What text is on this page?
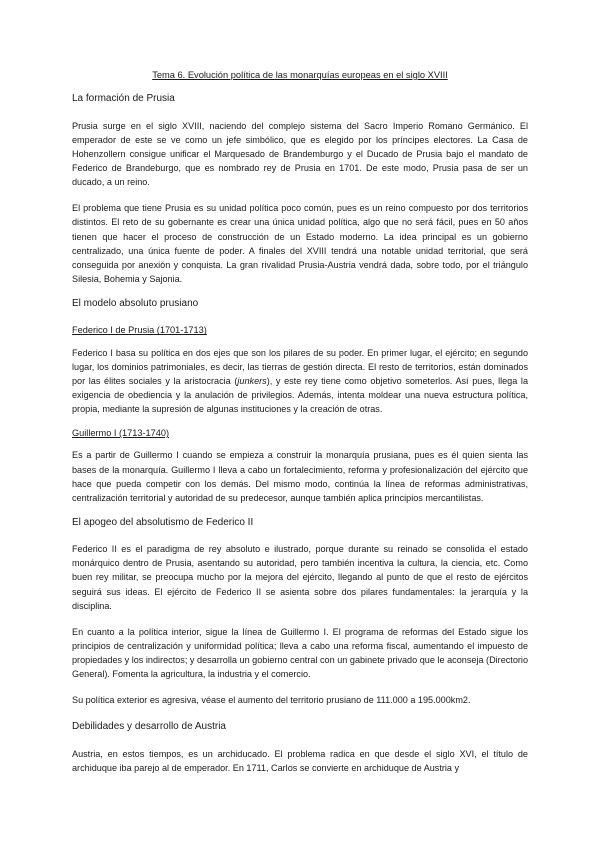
Tema 6. Evolución política de las monarquías europeas en el siglo XVIII
La formación de Prusia

Prusia surge en el siglo XVIII, naciendo del complejo sistema del Sacro Imperio Romano Germánico. El emperador de este se ve como un jefe simbólico, que es elegido por los príncipes electores. La Casa de Hohenzollern consigue unificar el Marquesado de Brandemburgo y el Ducado de Prusia bajo el mandato de Federico de Brandeburgo, que es nombrado rey de Prusia en 1701. De este modo, Prusia pasa de ser un ducado, a un reino.

El problema que tiene Prusia es su unidad política poco común, pues es un reino compuesto por dos territorios distintos. El reto de su gobernante es crear una única unidad política, algo que no será fácil, pues en 50 años tienen que hacer el proceso de construcción de un Estado moderno. La idea principal es un gobierno centralizado, una única fuente de poder. A finales del XVIII tendrá una notable unidad territorial, que será conseguida por anexión y conquista. La gran rivalidad Prusia-Austria vendrá dada, sobre todo, por el triángulo Silesia, Bohemia y Sajonia.

El modelo absoluto prusiano
Federico I de Prusia (1701-1713)

Federico I basa su política en dos ejes que son los pilares de su poder. En primer lugar, el ejército; en segundo lugar, los dominios patrimoniales, es decir, las tierras de gestión directa. El resto de territorios, están dominados por las élites sociales y la aristocracia (junkers), y este rey tiene como objetivo someterlos. Así pues, llega la exigencia de obediencia y la anulación de privilegios. Además, intenta moldear una nueva estructura política, propia, mediante la supresión de algunas instituciones y la creación de otras.

Guillermo I (1713-1740)

Es a partir de Guillermo I cuando se empieza a construir la monarquía prusiana, pues es él quien sienta las bases de la monarquía. Guillermo I lleva a cabo un fortalecimiento, reforma y profesionalización del ejército que hace que pueda competir con los demás. Del mismo modo, continúa la línea de reformas administrativas, centralización territorial y autoridad de su predecesor, aunque también aplica principios mercantilistas.

El apogeo del absolutismo de Federico II

Federico II es el paradigma de rey absoluto e ilustrado, porque durante su reinado se consolida el estado monárquico dentro de Prusia, asentando su autoridad, pero también incentiva la cultura, la ciencia, etc. Como buen rey militar, se preocupa mucho por la mejora del ejército, llegando al punto de que el resto de ejércitos seguirá sus ideas. El ejército de Federico II se asienta sobre dos pilares fundamentales: la jerarquía y la disciplina.

En cuanto a la política interior, sigue la línea de Guillermo I. El programa de reformas del Estado sigue los principios de centralización y uniformidad política; lleva a cabo una reforma fiscal, aumentando el impuesto de propiedades y los indirectos; y desarrolla un gobierno central con un gabinete privado que le aconseja (Directorio General). Fomenta la agricultura, la industria y el comercio.

Su política exterior es agresiva, véase el aumento del territorio prusiano de 111.000 a 195.000km2.

Debilidades y desarrollo de Austria

Austria, en estos tiempos, es un archiducado. El problema radica en que desde el siglo XVI, el título de archiduque iba parejo al de emperador. En 1711, Carlos se convierte en archiduque de Austria y
